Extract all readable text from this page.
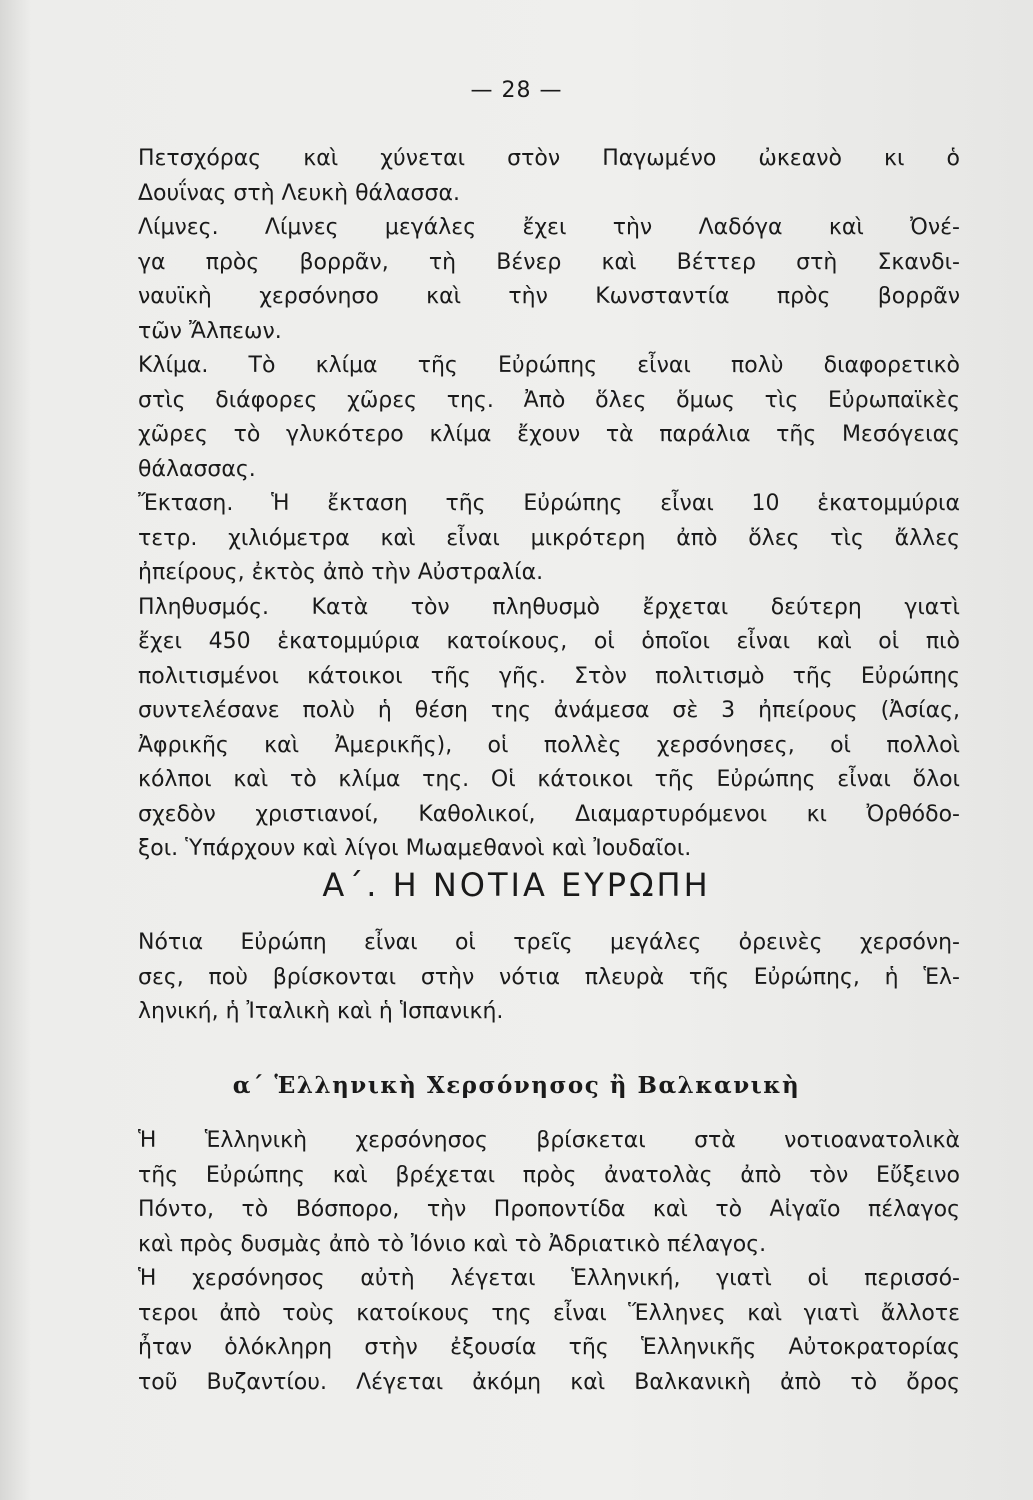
— 28 —

Πετσχόρας καὶ χύνεται στὸν Παγωμένο ὠκεανὸ κι ὁ

Δουΐνας στὴ Λευκὴ θάλασσα.

Λίμνες. Λίμνες μεγάλες ἔχει τὴν Λαδόγα καὶ Ὀνέ-

γα πρὸς βορρᾶν, τὴ Βένερ καὶ Βέττερ στὴ Σκανδι-

ναυϊκὴ χερσόνησο καὶ τὴν Κωνσταντία πρὸς βορρᾶν

τῶν Ἄλπεων.

Κλίμα. Τὸ κλίμα τῆς Εὐρώπης εἶναι πολὺ διαφορετικὸ

στὶς διάφορες χῶρες της. Ἀπὸ ὅλες ὅμως τὶς Εὐρωπαϊκὲς

χῶρες τὸ γλυκότερο κλίμα ἔχουν τὰ παράλια τῆς Μεσόγειας

θάλασσας.

Ἔκταση. Ἡ ἔκταση τῆς Εὐρώπης εἶναι 10 ἑκατομμύρια

τετρ. χιλιόμετρα καὶ εἶναι μικρότερη ἀπὸ ὅλες τὶς ἄλλες

ἠπείρους, ἐκτὸς ἀπὸ τὴν Αὐστραλία.

Πληθυσμός. Κατὰ τὸν πληθυσμὸ ἔρχεται δεύτερη γιατὶ

ἔχει 450 ἑκατομμύρια κατοίκους, οἱ ὁποῖοι εἶναι καὶ οἱ πιὸ

πολιτισμένοι κάτοικοι τῆς γῆς. Στὸν πολιτισμὸ τῆς Εὐρώπης

συντελέσανε πολὺ ἡ θέση της ἀνάμεσα σὲ 3 ἠπείρους (Ἀσίας,

Ἀφρικῆς καὶ Ἀμερικῆς), οἱ πολλὲς χερσόνησες, οἱ πολλοὶ

κόλποι καὶ τὸ κλίμα της. Οἱ κάτοικοι τῆς Εὐρώπης εἶναι ὅλοι

σχεδὸν χριστιανοί, Καθολικοί, Διαμαρτυρόμενοι κι Ὀρθόδο-

ξοι. Ὑπάρχουν καὶ λίγοι Μωαμεθανοὶ καὶ Ἰουδαῖοι.

Α΄. Η ΝΟΤΙΑ ΕΥΡΩΠΗ

Νότια Εὐρώπη εἶναι οἱ τρεῖς μεγάλες ὀρεινὲς χερσόνη-

σες, ποὺ βρίσκονται στὴν νότια πλευρὰ τῆς Εὐρώπης, ἡ Ἑλ-

ληνική, ἡ Ἰταλικὴ καὶ ἡ Ἱσπανική.

α΄ Ἑλληνικὴ Χερσόνησος ἢ Βαλκανικὴ

Ἡ Ἑλληνικὴ χερσόνησος βρίσκεται στὰ νοτιοανατολικὰ

τῆς Εὐρώπης καὶ βρέχεται πρὸς ἀνατολὰς ἀπὸ τὸν Εὔξεινο

Πόντο, τὸ Βόσπορο, τὴν Προποντίδα καὶ τὸ Αἰγαῖο πέλαγος

καὶ πρὸς δυσμὰς ἀπὸ τὸ Ἰόνιο καὶ τὸ Ἀδριατικὸ πέλαγος.

Ἡ χερσόνησος αὐτὴ λέγεται Ἑλληνική, γιατὶ οἱ περισσό-

τεροι ἀπὸ τοὺς κατοίκους της εἶναι Ἕλληνες καὶ γιατὶ ἄλλοτε

ἦταν ὁλόκληρη στὴν ἐξουσία τῆς Ἑλληνικῆς Αὐτοκρατορίας

τοῦ Βυζαντίου. Λέγεται ἀκόμη καὶ Βαλκανικὴ ἀπὸ τὸ ὄρος
